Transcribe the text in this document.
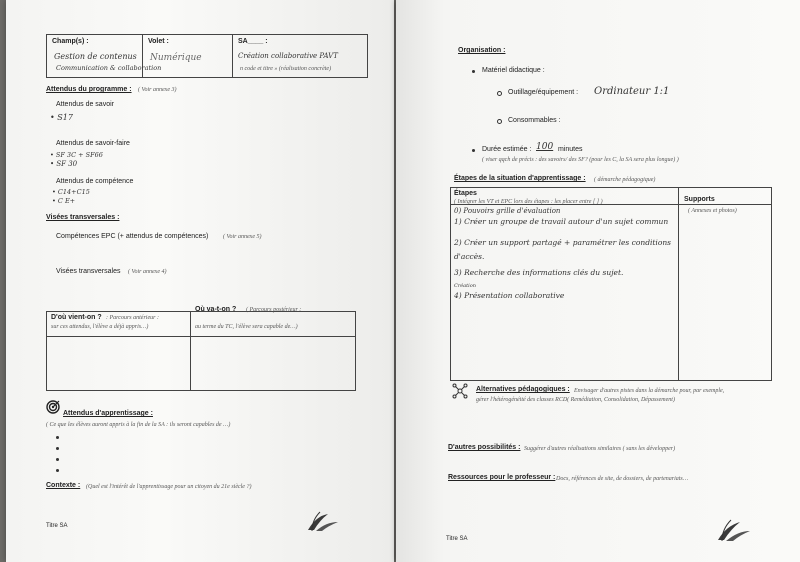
Champ(s) :
Gestion de contenus
Communication & collaboration
Volet :
Numérique
SA____ :
Création collaborative PAVT
n code et titre » (réalisation concrète)
Attendus du programme : ( Voir annexe 3)
Attendus de savoir
• S17
Attendus de savoir-faire
• SF 3C + SF66
• SF 30
Attendus de compétence
• C14+C15
• C E+
Visées transversales :
Compétences EPC (+ attendus de compétences) ( Voir annexe 5)
Visées transversales ( Voir annexe 4)
D'où vient-on ? : Parcours antérieur :
sur ces attendus, l'élève a déjà appris…)
Où va-t-on ? ( Parcours postérieur :
au terme du TC, l'élève sera capable de…)
Attendus d'apprentissage :
( Ce que les élèves auront appris à la fin de la SA : ils seront capables de …)
Contexte : (Quel est l'intérêt de l'apprentissage pour un citoyen du 21e siècle ?)
Titre SA
Organisation :
Matériel didactique :
Outillage/équipement : Ordinateur 1:1
Consommables :
Durée estimée : 100 minutes
( viser qqch de précis : des savoirs/ des SF? (pour les C, la SA sera plus longue) )
Étapes de la situation d'apprentissage : ( démarche pédagogique)
Étapes
( Intégrer les VT et EPC lors des étapes : les placer entre [ ] )	Supports
( Annexes et photos)
0) Pouvoirs grille d'évaluation
1) Créer un groupe de travail autour d'un sujet commun
2) Créer un support partagé + paramétrer les conditions d'accès.
3) Recherche des informations clés du sujet.
Création
4) Présentation collaborative
Alternatives pédagogiques : Envisager d'autres pistes dans la démarche pour, par exemple,
gérer l'hétérogénéité des classes RCD( Remédiation, Consolidation, Dépassement)
D'autres possibilités : Suggérer d'autres réalisations similaires ( sans les développer)
Ressources pour le professeur : Docs, références de site, de dossiers, de partenariats…
Titre SA
